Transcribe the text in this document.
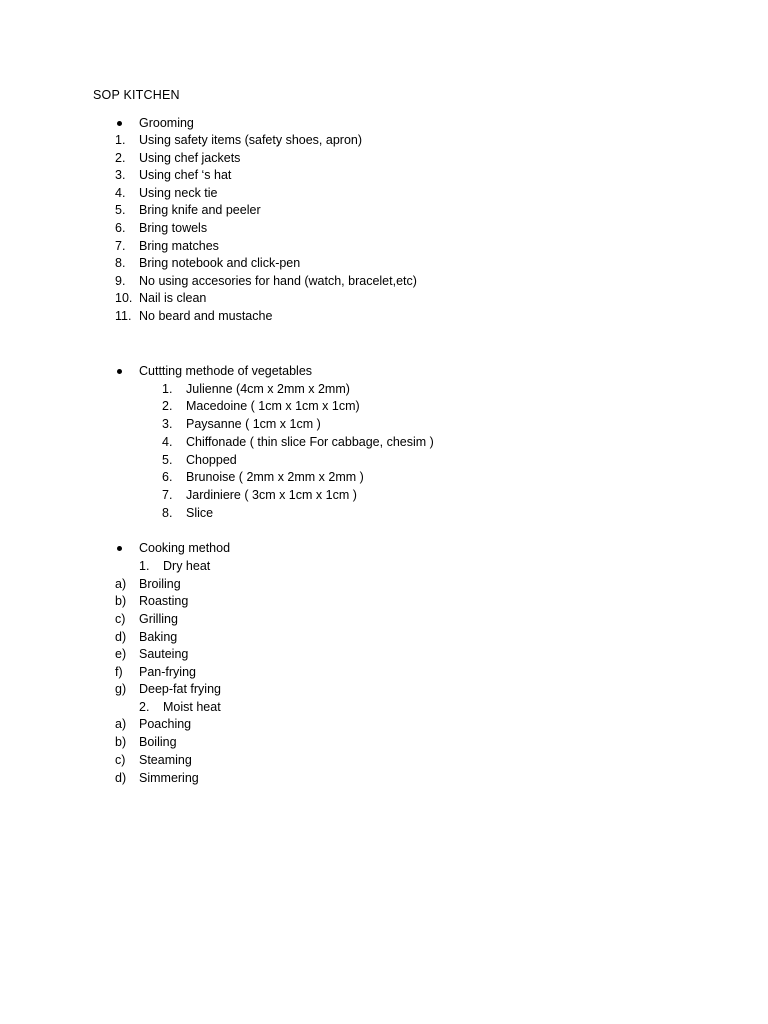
SOP KITCHEN
Grooming
1. Using safety items (safety shoes, apron)
2. Using chef jackets
3. Using chef ‘s hat
4. Using neck tie
5. Bring knife and peeler
6. Bring towels
7. Bring matches
8. Bring notebook and click-pen
9. No using accesories for hand (watch, bracelet,etc)
10. Nail is clean
11. No beard and mustache
Cuttting methode of vegetables
1. Julienne (4cm x 2mm x 2mm)
2. Macedoine ( 1cm x 1cm x 1cm)
3. Paysanne ( 1cm x 1cm )
4. Chiffonade ( thin slice For cabbage, chesim )
5. Chopped
6. Brunoise ( 2mm x 2mm x 2mm )
7. Jardiniere ( 3cm x 1cm x 1cm )
8. Slice
Cooking method
1. Dry heat
a) Broiling
b) Roasting
c) Grilling
d) Baking
e) Sauteing
f) Pan-frying
g) Deep-fat frying
2. Moist heat
a) Poaching
b) Boiling
c) Steaming
d) Simmering
